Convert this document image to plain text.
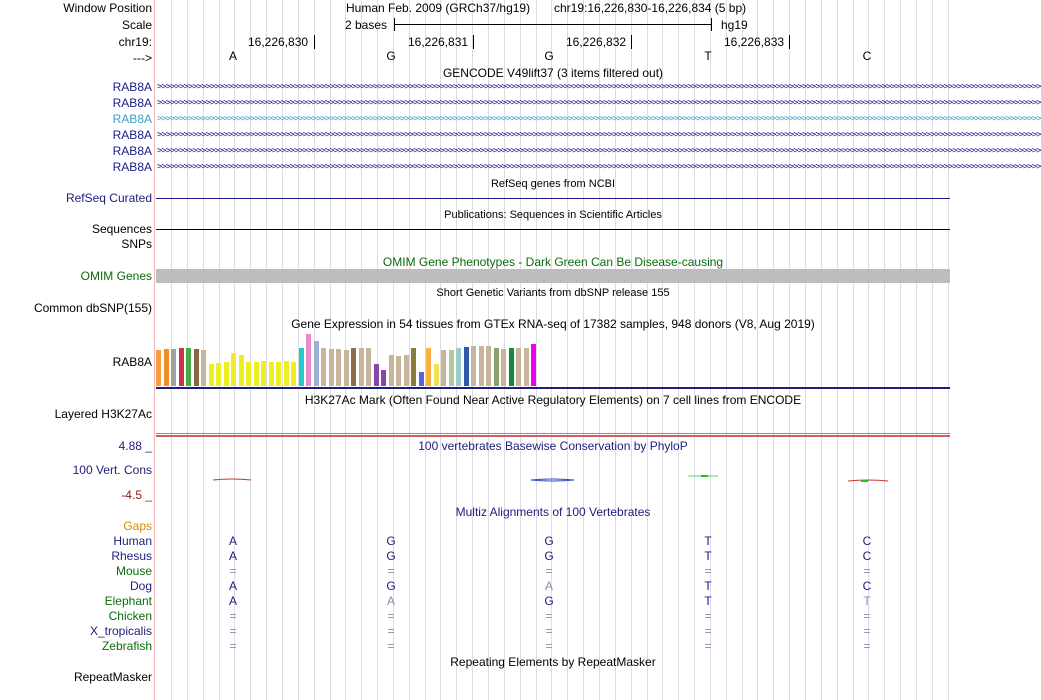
Window Position	Human Feb. 2009 (GRCh37/hg19) chr19:16,226,830-16,226,834 (5 bp)
Scale	2 bases	hg19
chr19:	16,226,830	16,226,831	16,226,832	16,226,833
--->	A	G	G	T	C
GENCODE V49lift37 (3 items filtered out)
RAB8A >>>>>>>>>>>>>>>>>>>>>>>>>>>>>>>>>>>>>>>>>>>>>>>>>>>>>>>>>>>>>>>>>>>>>>>>>>>>>>>>>>>>>>>>>>>>>>>>>>>>>>>>>>>>>>>>>>>>>>>>>>>>>>>>>>>>>>>>>>>>>>>>>>>>>>>>>>>>>>>>>>>>>>>>>>>>>>>>>>>>>>>>>>>>>>>>>>>>>>>>
RAB8A >>>>>>>>>>>>>>>>>>>>>>>>>>>>>>>>>>>>>>>>>>>>>>>>>>>>>>>>>>>>>>>>>>>>>>>>>>>>>>>>>>>>>>>>>>>>>>>>>>>>>>>>>>>>>>>>>>>>>>>>>>>>>>>>>>>>>>>>>>>>>>>>>>>>>>>>>>>>>>>>>>>>>>>>>>>>>>>>>>>>>>>>>>>>>>>>>>>>>>>>
RAB8A >>>>>>>>>>>>>>>>>>>>>>>>>>>>>>>>>>>>>>>>>>>>>>>>>>>>>>>>>>>>>>>>>>>>>>>>>>>>>>>>>>>>>>>>>>>>>>>>>>>>>>>>>>>>>>>>>>>>>>>>>>>>>>>>>>>>>>>>>>>>>>>>>>>>>>>>>>>>>>>>>>>>>>>>>>>>>>>>>>>>>>>>>>>>>>>>>>>>>>>>
RAB8A >>>>>>>>>>>>>>>>>>>>>>>>>>>>>>>>>>>>>>>>>>>>>>>>>>>>>>>>>>>>>>>>>>>>>>>>>>>>>>>>>>>>>>>>>>>>>>>>>>>>>>>>>>>>>>>>>>>>>>>>>>>>>>>>>>>>>>>>>>>>>>>>>>>>>>>>>>>>>>>>>>>>>>>>>>>>>>>>>>>>>>>>>>>>>>>>>>>>>>>>
RAB8A >>>>>>>>>>>>>>>>>>>>>>>>>>>>>>>>>>>>>>>>>>>>>>>>>>>>>>>>>>>>>>>>>>>>>>>>>>>>>>>>>>>>>>>>>>>>>>>>>>>>>>>>>>>>>>>>>>>>>>>>>>>>>>>>>>>>>>>>>>>>>>>>>>>>>>>>>>>>>>>>>>>>>>>>>>>>>>>>>>>>>>>>>>>>>>>>>>>>>>>>
RAB8A >>>>>>>>>>>>>>>>>>>>>>>>>>>>>>>>>>>>>>>>>>>>>>>>>>>>>>>>>>>>>>>>>>>>>>>>>>>>>>>>>>>>>>>>>>>>>>>>>>>>>>>>>>>>>>>>>>>>>>>>>>>>>>>>>>>>>>>>>>>>>>>>>>>>>>>>>>>>>>>>>>>>>>>>>>>>>>>>>>>>>>>>>>>>>>>>>>>>>>>>
RefSeq genes from NCBI
RefSeq Curated
Publications: Sequences in Scientific Articles
Sequences
SNPs
OMIM Gene Phenotypes - Dark Green Can Be Disease-causing
OMIM Genes
Short Genetic Variants from dbSNP release 155
Common dbSNP(155)
Gene Expression in 54 tissues from GTEx RNA-seq of 17382 samples, 948 donors (V8, Aug 2019)
RAB8A
H3K27Ac Mark (Often Found Near Active Regulatory Elements) on 7 cell lines from ENCODE
Layered H3K27Ac
4.88 _	100 vertebrates Basewise Conservation by PhyloP
100 Vert. Cons
-4.5 _
Multiz Alignments of 100 Vertebrates
Gaps
Human	A	G	G	T	C
Rhesus	A	G	G	T	C
Mouse	=	=	=	=	=
Dog	A	G	A	T	C
Elephant	A	A	G	T	T
Chicken	=	=	=	=	=
X_tropicalis	=	=	=	=	=
Zebrafish	=	=	=	=	=
Repeating Elements by RepeatMasker
RepeatMasker
